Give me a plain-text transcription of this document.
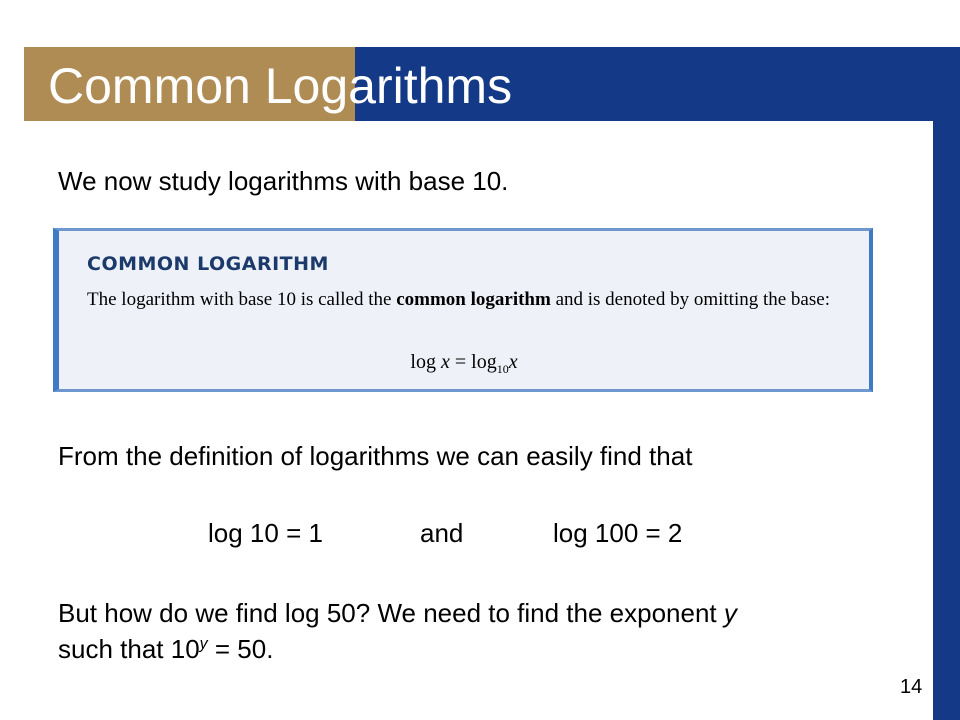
Common Logarithms
We now study logarithms with base 10.
COMMON LOGARITHM
The logarithm with base 10 is called the common logarithm and is denoted by omitting the base:
$\log x = \log_{10}x$
From the definition of logarithms we can easily find that
log 10 = 1	and	log 100 = 2
But how do we find log 50? We need to find the exponent y
such that $10^y = 50$.
14
